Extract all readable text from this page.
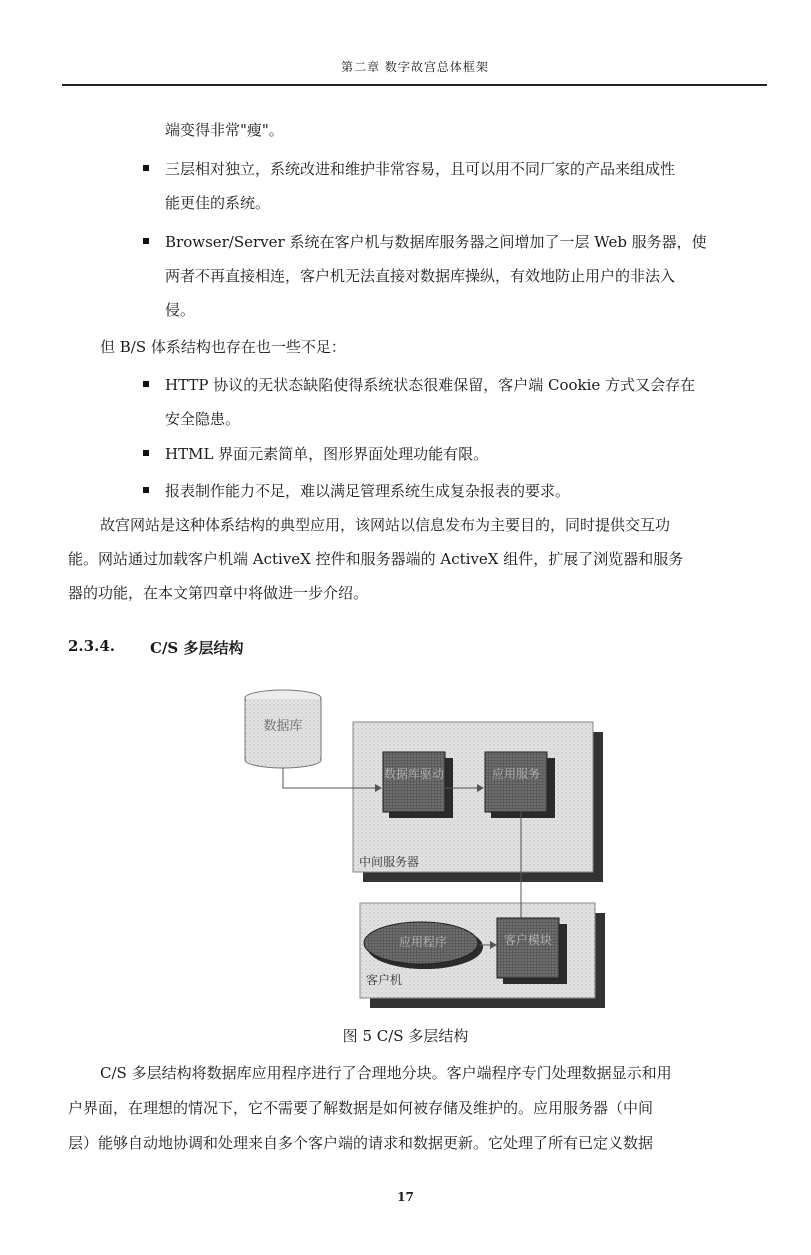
第二章 数字故宫总体框架
端变得非常"瘦"。
三层相对独立，系统改进和维护非常容易，且可以用不同厂家的产品来组成性
能更佳的系统。
Browser/Server 系统在客户机与数据库服务器之间增加了一层 Web 服务器，使
两者不再直接相连，客户机无法直接对数据库操纵，有效地防止用户的非法入
侵。
但 B/S 体系结构也存在也一些不足：
HTTP 协议的无状态缺陷使得系统状态很难保留，客户端 Cookie 方式又会存在
安全隐患。
HTML 界面元素简单，图形界面处理功能有限。
报表制作能力不足，难以满足管理系统生成复杂报表的要求。
故宫网站是这种体系结构的典型应用，该网站以信息发布为主要目的，同时提供交互功
能。网站通过加载客户机端 ActiveX 控件和服务器端的 ActiveX 组件，扩展了浏览器和服务
器的功能，在本文第四章中将做进一步介绍。
2.3.4. C/S 多层结构
中间服务器
客户机
数据库
数据库驱动	应用服务
客户模块
应用程序
图 5 C/S 多层结构
C/S 多层结构将数据库应用程序进行了合理地分块。客户端程序专门处理数据显示和用
户界面，在理想的情况下，它不需要了解数据是如何被存储及维护的。应用服务器（中间
层）能够自动地协调和处理来自多个客户端的请求和数据更新。它处理了所有已定义数据
17
